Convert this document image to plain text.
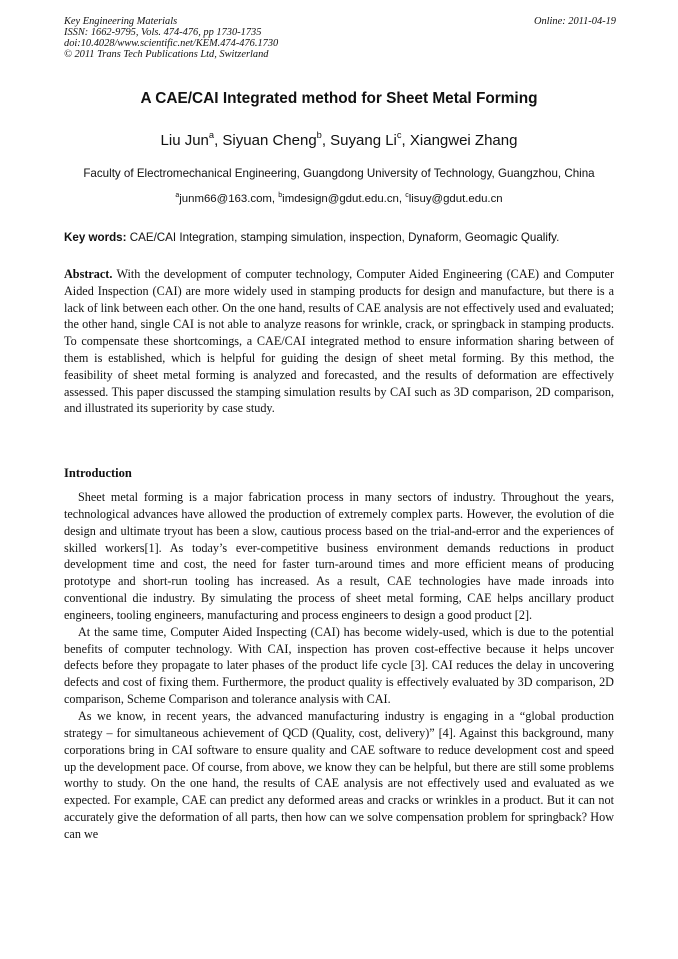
Key Engineering Materials
ISSN: 1662-9795, Vols. 474-476, pp 1730-1735
doi:10.4028/www.scientific.net/KEM.474-476.1730
© 2011 Trans Tech Publications Ltd, Switzerland
Online: 2011-04-19
A CAE/CAI Integrated method for Sheet Metal Forming
Liu Jun$^a$, Siyuan Cheng$^b$, Suyang Li$^c$, Xiangwei Zhang
Faculty of Electromechanical Engineering, Guangdong University of Technology, Guangzhou, China
$^a$junm66@163.com, $^b$imdesign@gdut.edu.cn, $^c$lisuy@gdut.edu.cn
Key words: CAE/CAI Integration, stamping simulation, inspection, Dynaform, Geomagic Qualify.
Abstract. With the development of computer technology, Computer Aided Engineering (CAE) and Computer Aided Inspection (CAI) are more widely used in stamping products for design and manufacture, but there is a lack of link between each other. On the one hand, results of CAE analysis are not effectively used and evaluated; the other hand, single CAI is not able to analyze reasons for wrinkle, crack, or springback in stamping products. To compensate these shortcomings, a CAE/CAI integrated method to ensure information sharing between of them is established, which is helpful for guiding the design of sheet metal forming. By this method, the feasibility of sheet metal forming is analyzed and forecasted, and the results of deformation are effectively assessed. This paper discussed the stamping simulation results by CAI such as 3D comparison, 2D comparison, and illustrated its superiority by case study.
Introduction

Sheet metal forming is a major fabrication process in many sectors of industry. Throughout the years, technological advances have allowed the production of extremely complex parts. However, the evolution of die design and ultimate tryout has been a slow, cautious process based on the trial-and-error and the experiences of skilled workers[1]. As today’s ever-competitive business environment demands reductions in product development time and cost, the need for faster turn-around times and more efficient means of producing prototype and short-run tooling has increased. As a result, CAE technologies have made inroads into conventional die industry. By simulating the process of sheet metal forming, CAE helps ancillary product engineers, tooling engineers, manufacturing and process engineers to design a good product [2].

At the same time, Computer Aided Inspecting (CAI) has become widely-used, which is due to the potential benefits of computer technology. With CAI, inspection has proven cost-effective because it helps uncover defects before they propagate to later phases of the product life cycle [3]. CAI reduces the delay in uncovering defects and cost of fixing them. Furthermore, the product quality is effectively evaluated by 3D comparison, 2D comparison, Scheme Comparison and tolerance analysis with CAI.

As we know, in recent years, the advanced manufacturing industry is engaging in a “global production strategy – for simultaneous achievement of QCD (Quality, cost, delivery)” [4]. Against this background, many corporations bring in CAI software to ensure quality and CAE software to reduce development cost and speed up the development pace. Of course, from above, we know they can be helpful, but there are still some problems worthy to study. On the one hand, the results of CAE analysis are not effectively used and evaluated as we expected. For example, CAE can predict any deformed areas and cracks or wrinkles in a product. But it can not accurately give the deformation of all parts, then how can we solve compensation problem for springback? How can we
